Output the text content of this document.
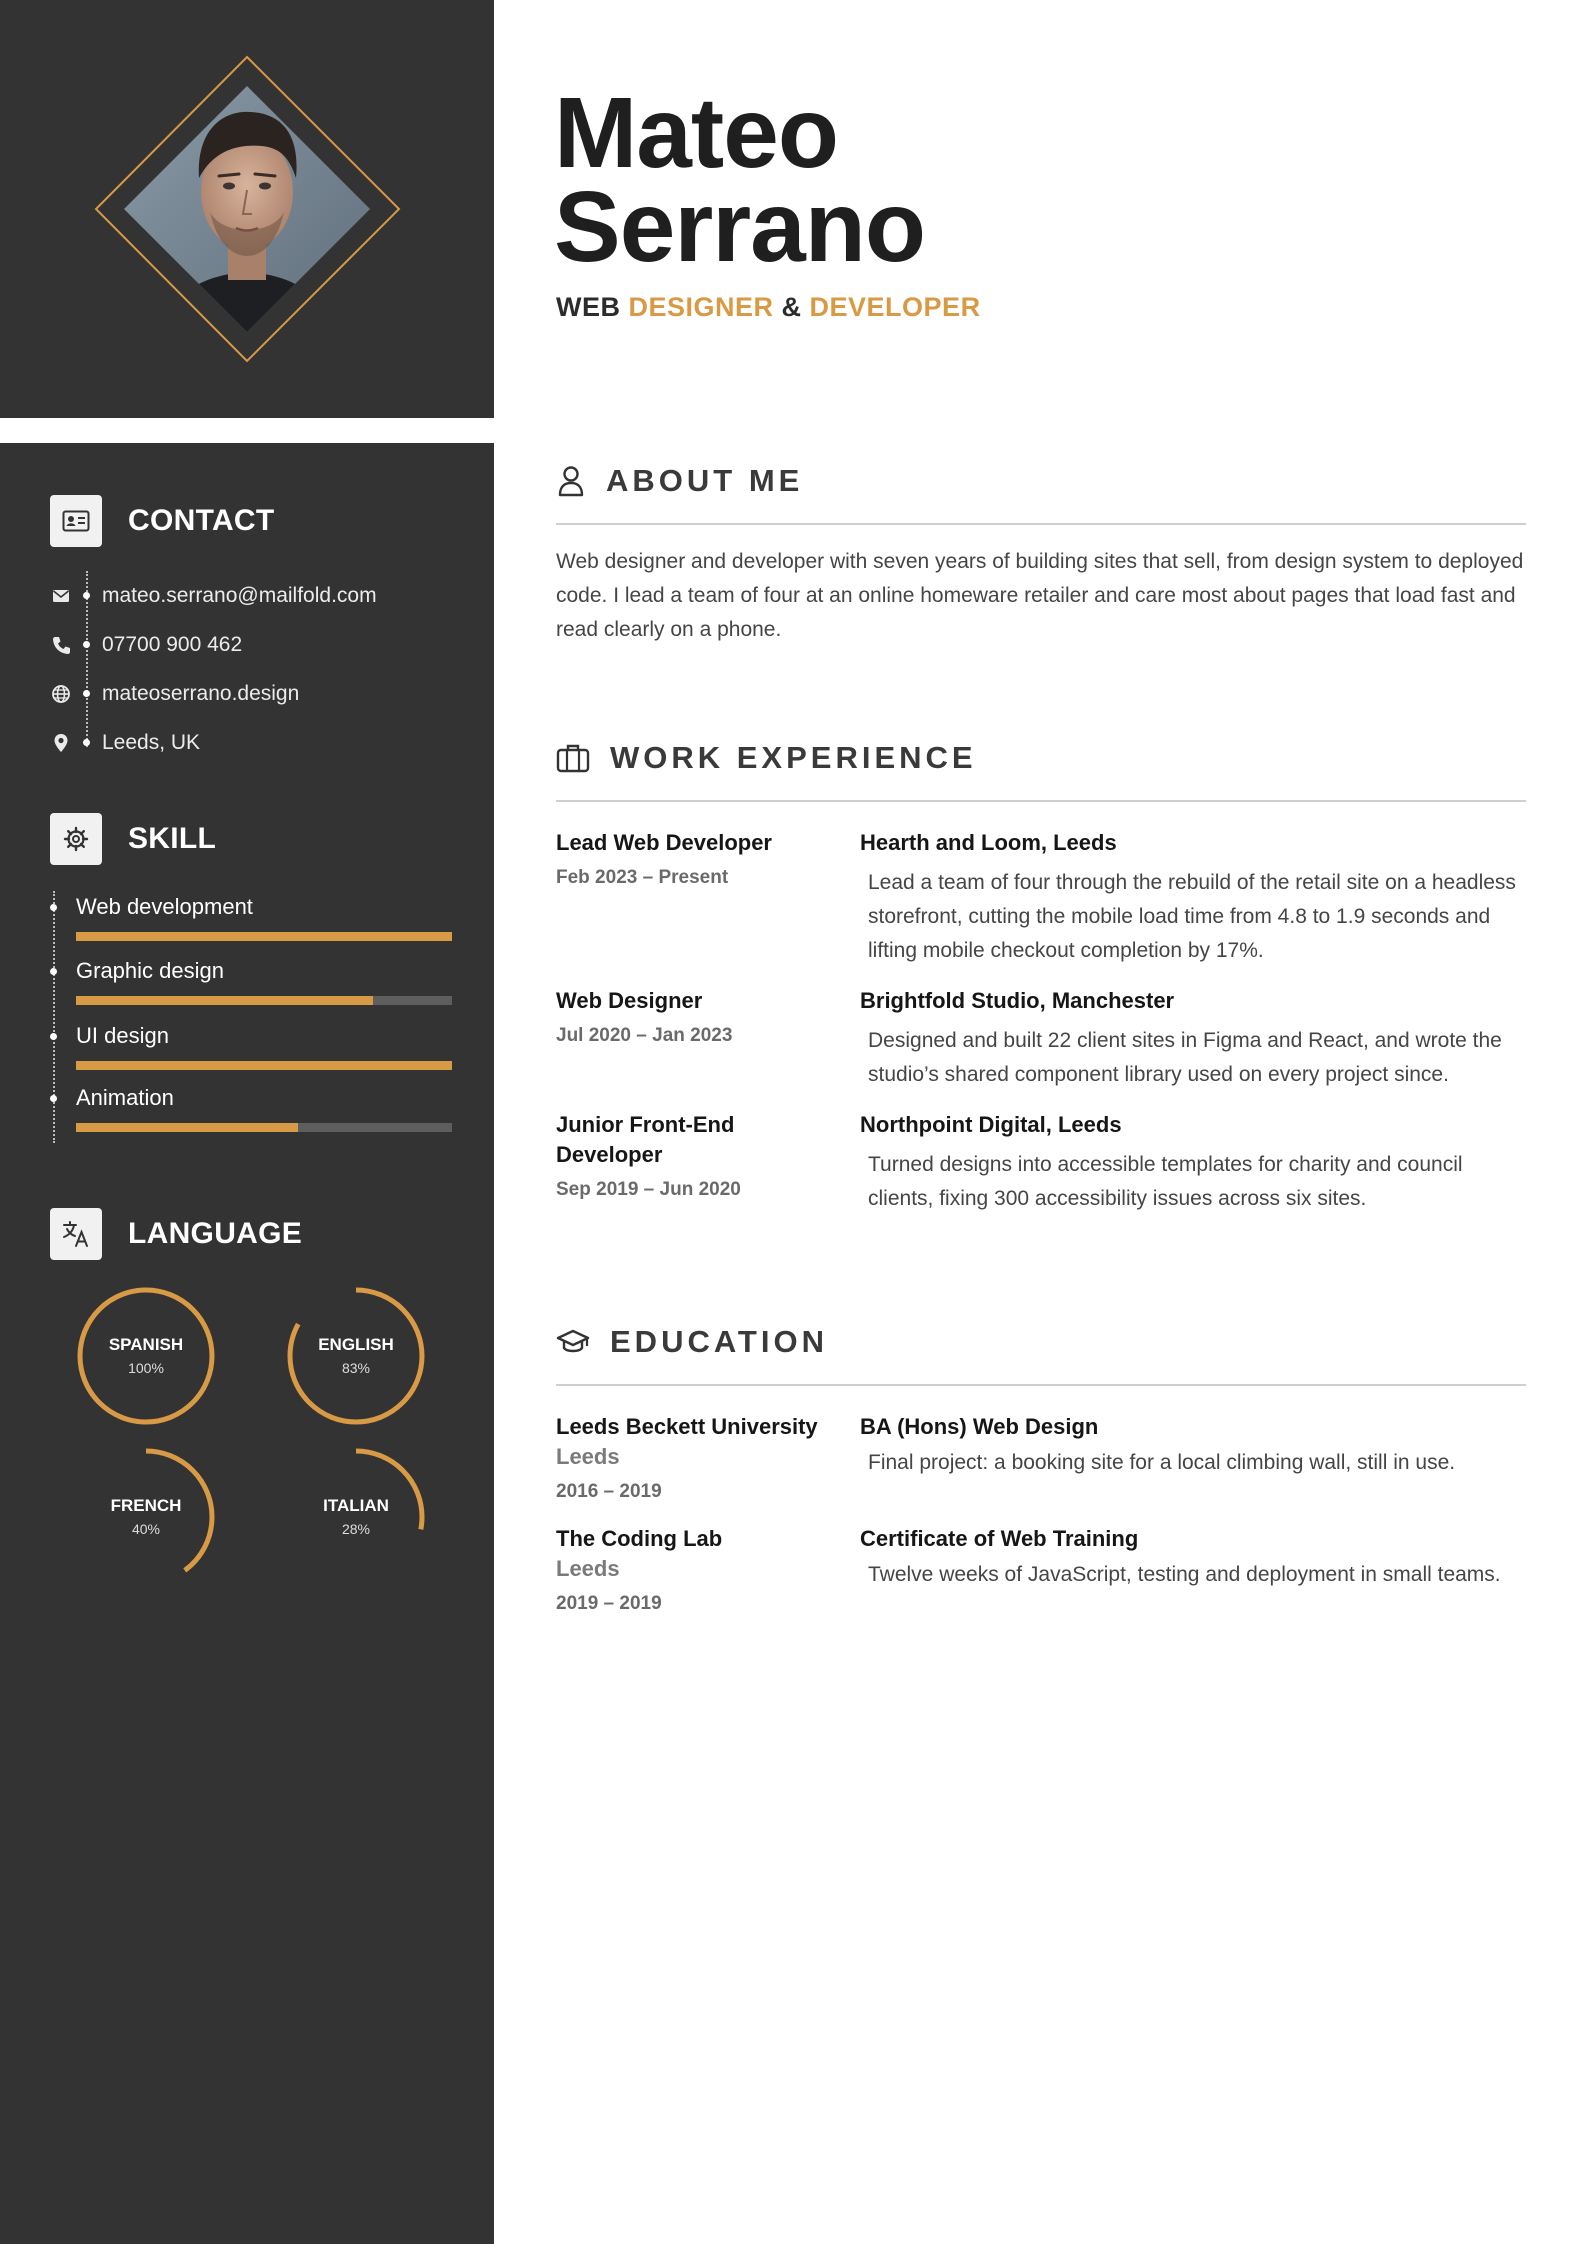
CONTACT
mateo.serrano@mailfold.com
07700 900 462
mateoserrano.design
Leeds, UK
SKILL
Web development
Graphic design
UI design
Animation
LANGUAGE
SPANISH
100%
ENGLISH
83%
FRENCH
40%
ITALIAN
28%
Mateo
Serrano
WEB DESIGNER & DEVELOPER
ABOUT ME

Web designer and developer with seven years of building sites that sell, from design system to deployed code. I lead a team of four at an online homeware retailer and care most about pages that load fast and read clearly on a phone.

WORK EXPERIENCE
Lead Web Developer
Feb 2023 – Present
Hearth and Loom, Leeds
Lead a team of four through the rebuild of the retail site on a headless storefront, cutting the mobile load time from 4.8 to 1.9 seconds and lifting mobile checkout completion by 17%.
Web Designer
Jul 2020 – Jan 2023
Brightfold Studio, Manchester
Designed and built 22 client sites in Figma and React, and wrote the studio’s shared component library used on every project since.
Junior Front-End Developer
Sep 2019 – Jun 2020
Northpoint Digital, Leeds
Turned designs into accessible templates for charity and council clients, fixing 300 accessibility issues across six sites.
EDUCATION
Leeds Beckett University
Leeds
2016 – 2019
BA (Hons) Web Design
Final project: a booking site for a local climbing wall, still in use.
The Coding Lab
Leeds
2019 – 2019
Certificate of Web Training
Twelve weeks of JavaScript, testing and deployment in small teams.
